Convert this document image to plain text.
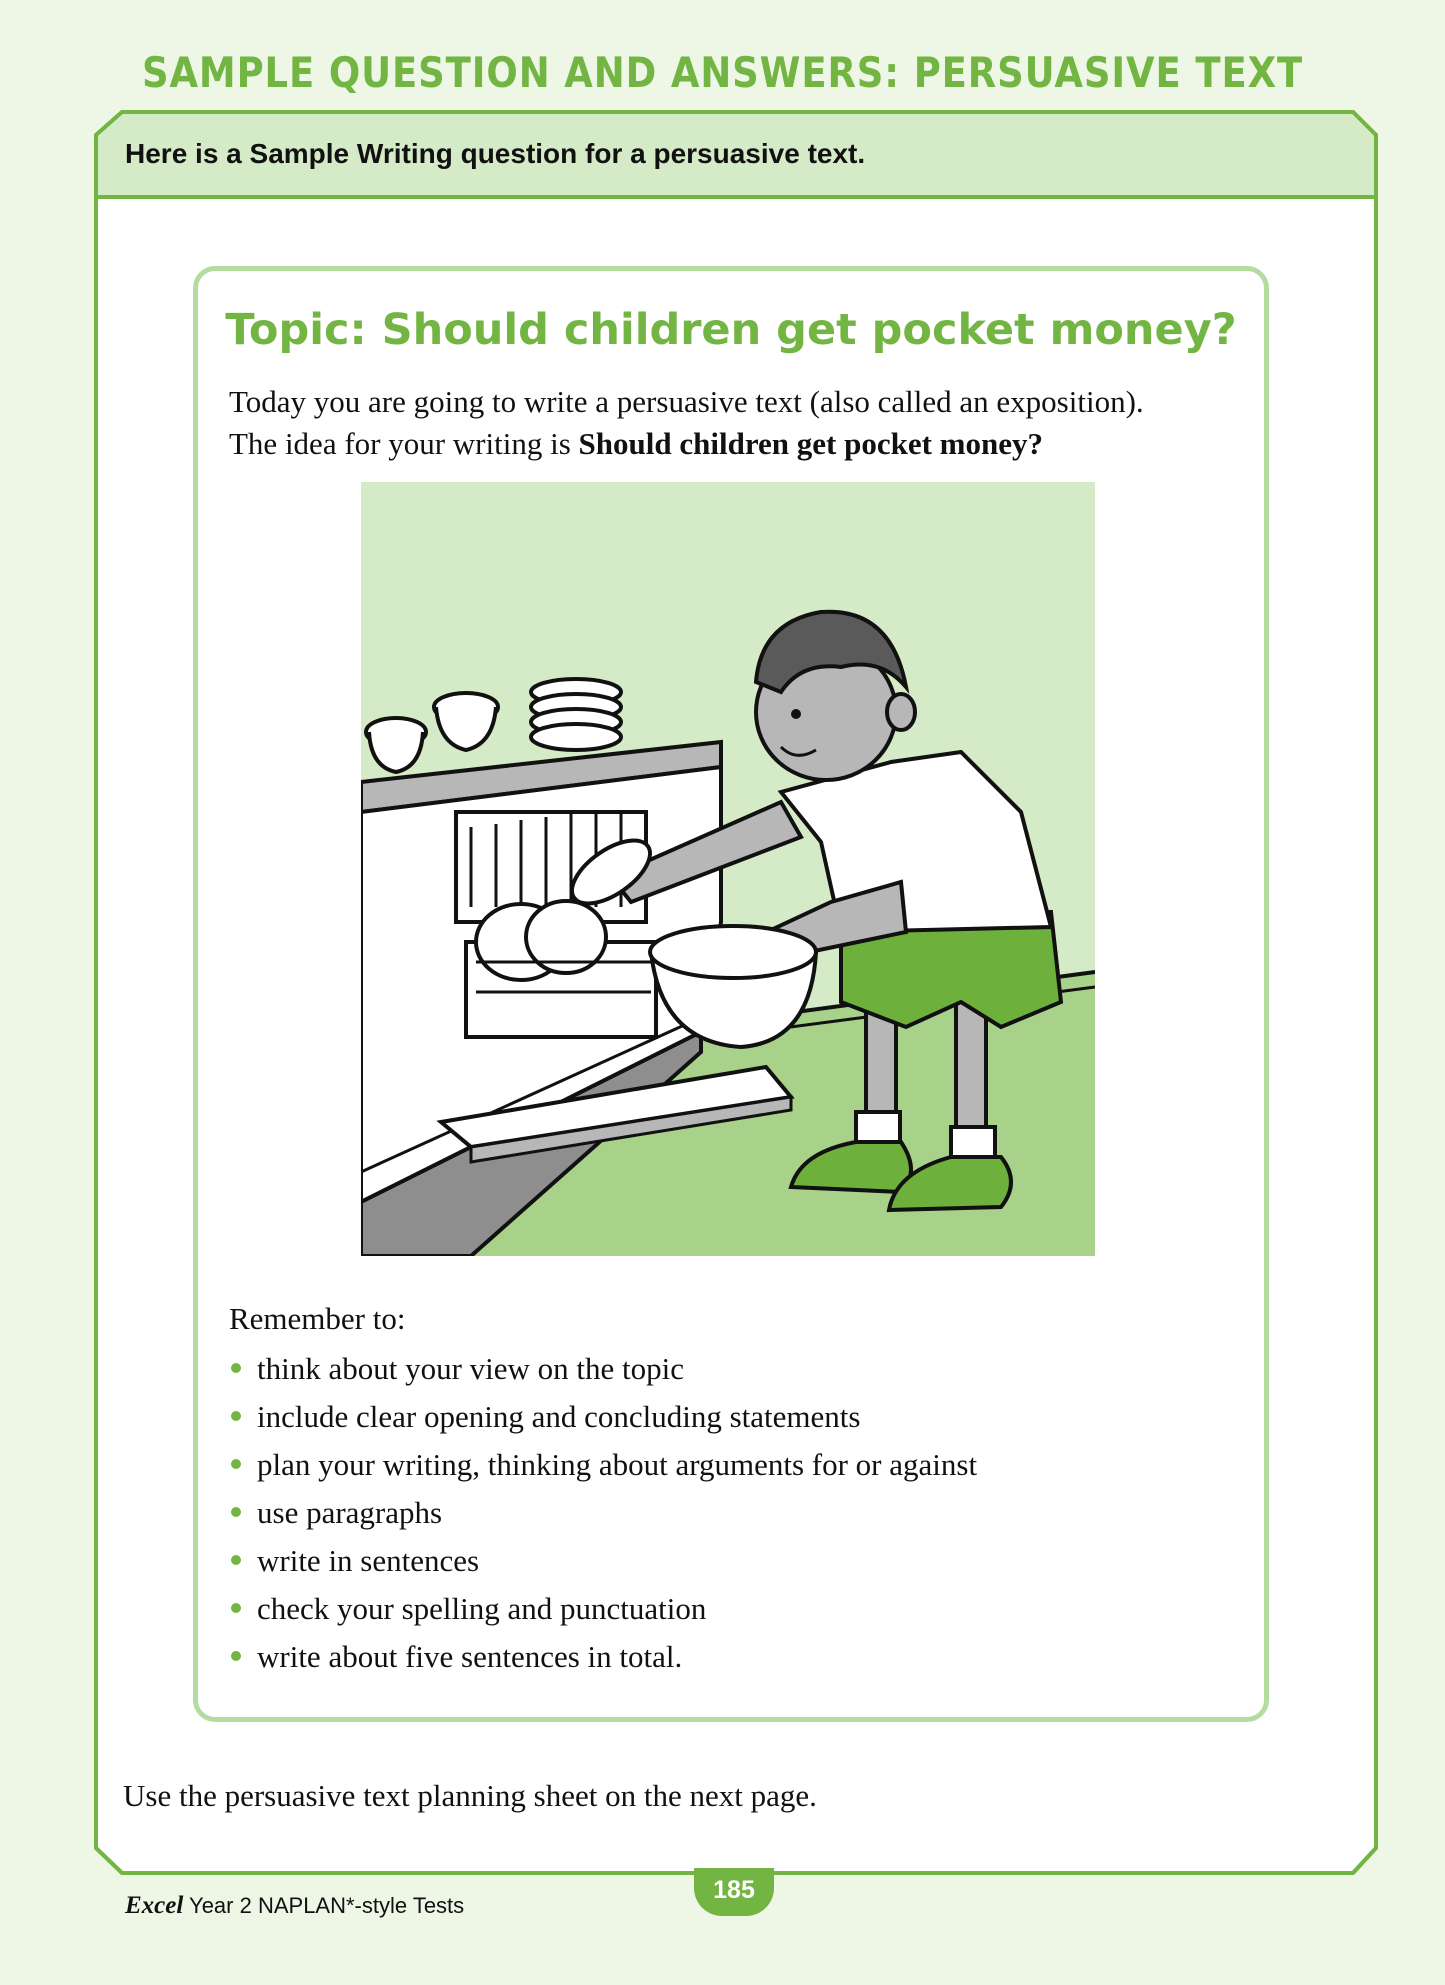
SAMPLE QUESTION AND ANSWERS: PERSUASIVE TEXT
Here is a Sample Writing question for a persuasive text.
Topic: Should children get pocket money?
Today you are going to write a persuasive text (also called an exposition).
The idea for your writing is Should children get pocket money?
Remember to:
think about your view on the topic
include clear opening and concluding statements
plan your writing, thinking about arguments for or against
use paragraphs
write in sentences
check your spelling and punctuation
write about five sentences in total.
Use the persuasive text planning sheet on the next page.
Excel Year 2 NAPLAN*-style Tests
185
